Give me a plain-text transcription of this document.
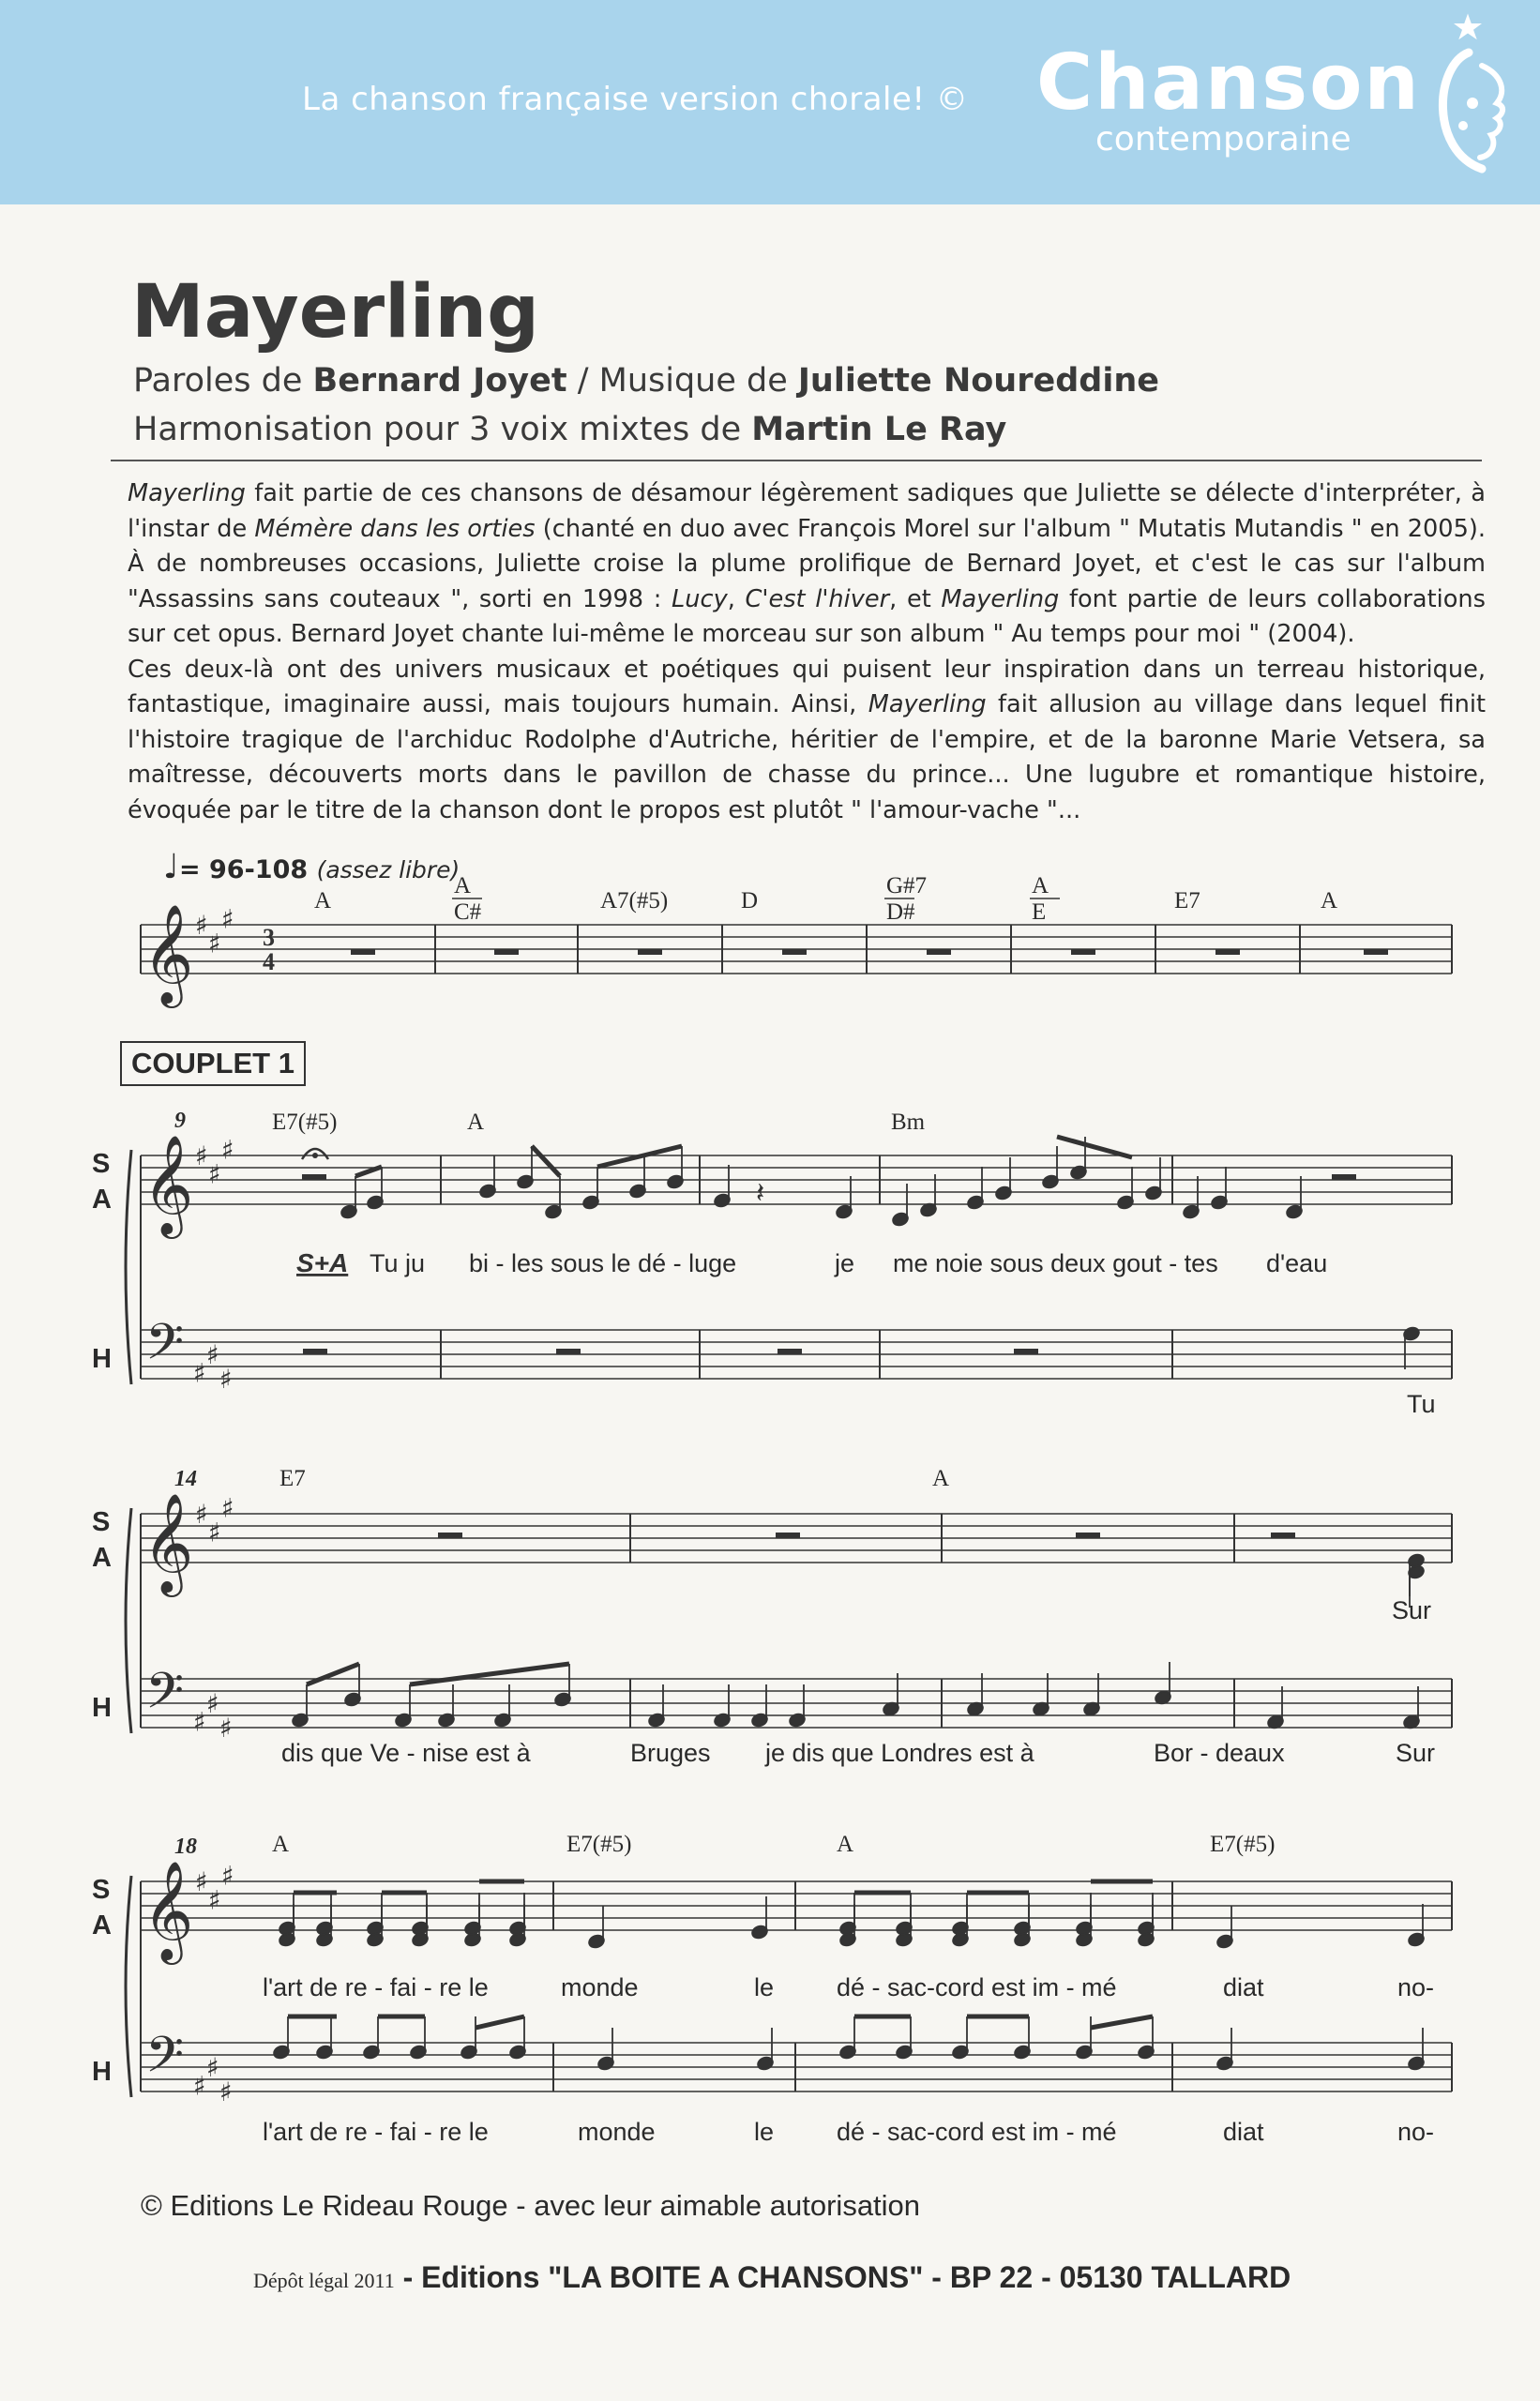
La chanson française version chorale! © Chanson
contemporaine
Mayerling
Paroles de Bernard Joyet / Musique de Juliette Noureddine
Harmonisation pour 3 voix mixtes de Martin Le Ray

Mayerling fait partie de ces chansons de désamour légèrement sadiques que Juliette se délecte d'interpréter, à l'instar de Mémère dans les orties (chanté en duo avec François Morel sur l'album " Mutatis Mutandis " en 2005). À de nombreuses occasions, Juliette croise la plume prolifique de Bernard Joyet, et c'est le cas sur l'album "Assassins sans couteaux ", sorti en 1998 : Lucy, C'est l'hiver, et Mayerling font partie de leurs collaborations sur cet opus. Bernard Joyet chante lui-même le morceau sur son album " Au temps pour moi " (2004).

Ces deux-là ont des univers musicaux et poétiques qui puisent leur inspiration dans un terreau historique, fantastique, imaginaire aussi, mais toujours humain. Ainsi, Mayerling fait allusion au village dans lequel finit l'histoire tragique de l'archiduc Rodolphe d'Autriche, héritier de l'empire, et de la baronne Marie Vetsera, sa maîtresse, découverts morts dans le pavillon de chasse du prince... Une lugubre et romantique histoire, évoquée par le titre de la chanson dont le propos est plutôt " l'amour-vache "...

♩= 96-108 (assez libre)
COUPLET 1
𝄞 ♯
♯
♯
3
4
A
A
C#	A7(#5)	D
G#7
D#
A
E	E7	A
𝄞 ♯
♯
♯
𝄢 ♯
♯
♯
S
A
H
9	E7(#5)	A	Bm
𝄽
S+A Tu ju bi - les sous le dé - luge	je me noie sous deux gout - tes d'eau
Tu
𝄞 ♯
♯
♯
𝄢 ♯
♯
♯
S
A
H
14	E7	A
Sur
dis que Ve - nise est à	Bruges je dis que Londres est à	Bor - deaux	Sur
𝄞 ♯
♯
♯
𝄢 ♯
♯
♯
S
A
H
18	A	E7(#5)	A	E7(#5)
l'art de re - fai - re le	monde	le dé - sac-cord est im - mé	diat	no-
l'art de re - fai - re le	monde	le dé - sac-cord est im - mé	diat	no-
© Editions Le Rideau Rouge - avec leur aimable autorisation
Dépôt légal 2011 - Editions "LA BOITE A CHANSONS" - BP 22 - 05130 TALLARD
